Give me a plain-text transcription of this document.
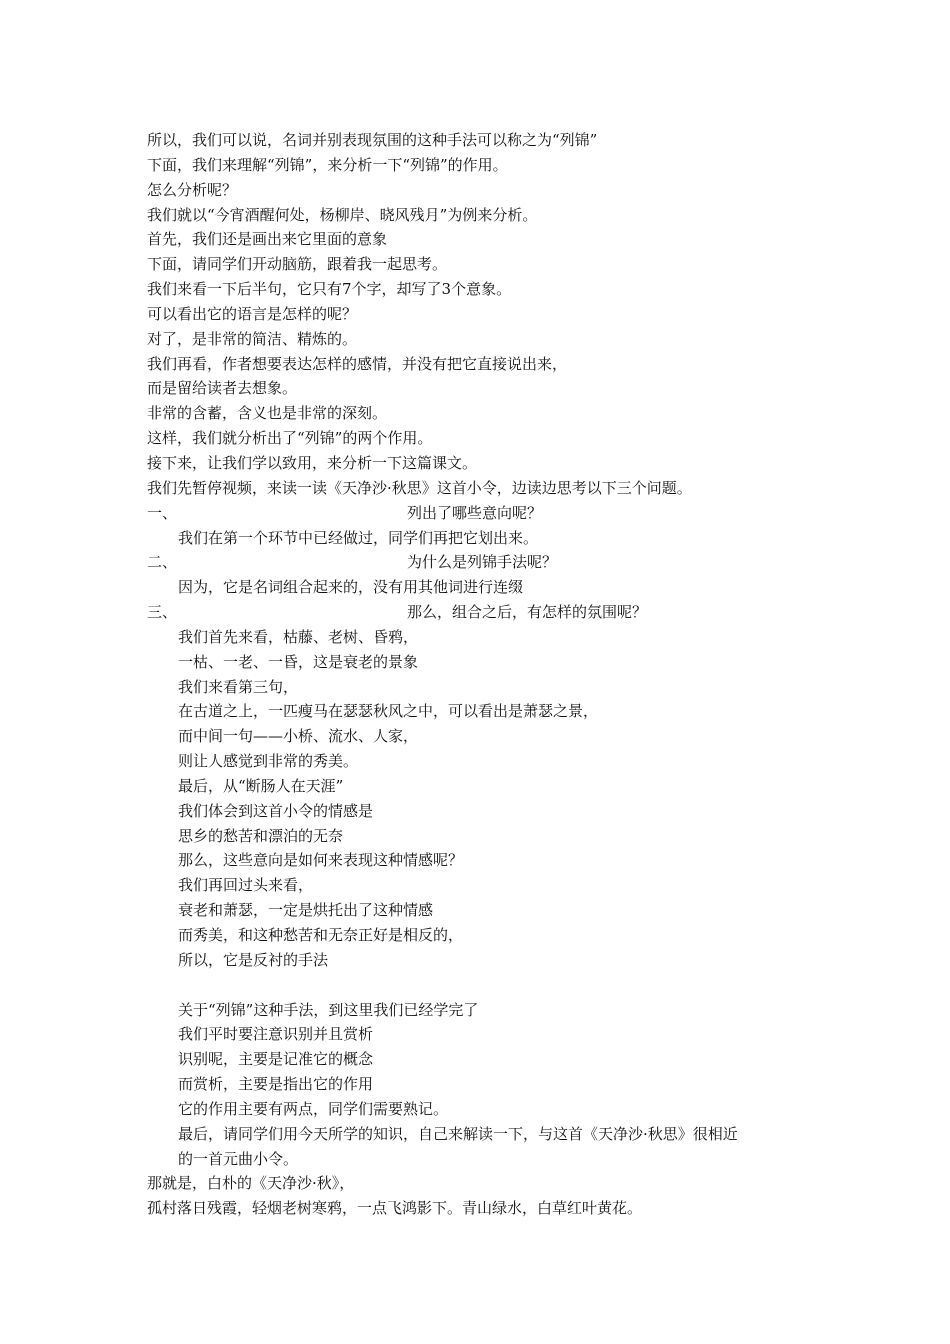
所以，我们可以说，名词并别表现氛围的这种手法可以称之为“列锦”
下面，我们来理解“列锦”，来分析一下“列锦”的作用。
怎么分析呢？
我们就以“今宵酒醒何处，杨柳岸、晓风残月”为例来分析。
首先，我们还是画出来它里面的意象
下面，请同学们开动脑筋，跟着我一起思考。
我们来看一下后半句，它只有7个字，却写了3个意象。
可以看出它的语言是怎样的呢？
对了，是非常的简洁、精炼的。
我们再看，作者想要表达怎样的感情，并没有把它直接说出来，
而是留给读者去想象。
非常的含蓄，含义也是非常的深刻。
这样，我们就分析出了“列锦”的两个作用。
接下来，让我们学以致用，来分析一下这篇课文。
我们先暂停视频，来读一读《天净沙·秋思》这首小令，边读边思考以下三个问题。
一、	列出了哪些意向呢？
我们在第一个环节中已经做过，同学们再把它划出来。
二、	为什么是列锦手法呢？
因为，它是名词组合起来的，没有用其他词进行连缀
三、	那么，组合之后，有怎样的氛围呢？
我们首先来看，枯藤、老树、昏鸦，
一枯、一老、一昏，这是衰老的景象
我们来看第三句，
在古道之上，一匹瘦马在瑟瑟秋风之中，可以看出是萧瑟之景，
而中间一句——小桥、流水、人家，
则让人感觉到非常的秀美。
最后，从“断肠人在天涯”
我们体会到这首小令的情感是
思乡的愁苦和漂泊的无奈
那么，这些意向是如何来表现这种情感呢？
我们再回过头来看，
衰老和萧瑟，一定是烘托出了这种情感
而秀美，和这种愁苦和无奈正好是相反的，
所以，它是反衬的手法
关于“列锦”这种手法，到这里我们已经学完了
我们平时要注意识别并且赏析
识别呢，主要是记准它的概念
而赏析，主要是指出它的作用
它的作用主要有两点，同学们需要熟记。
最后，请同学们用今天所学的知识，自己来解读一下，与这首《天净沙·秋思》很相近
的一首元曲小令。
那就是，白朴的《天净沙·秋》，
孤村落日残霞，轻烟老树寒鸦，一点飞鸿影下。青山绿水，白草红叶黄花。
